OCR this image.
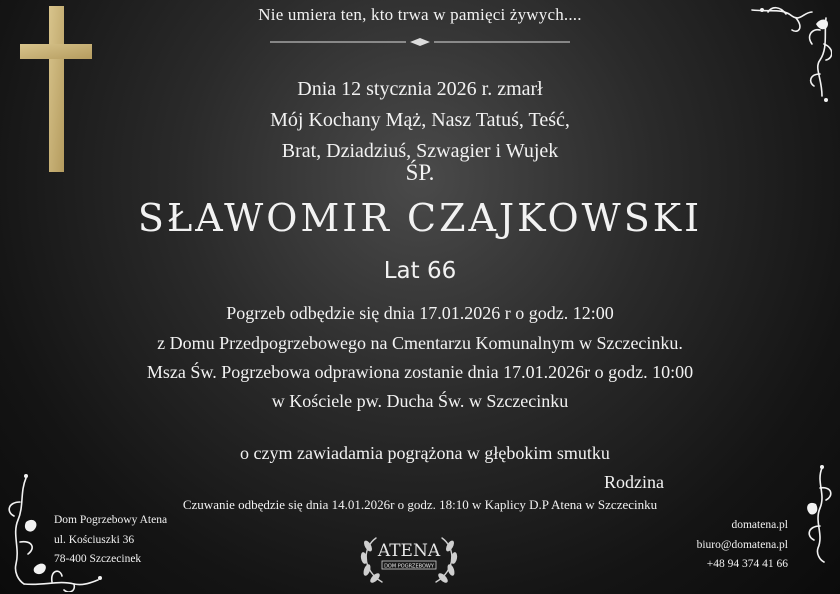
Nie umiera ten, kto trwa w pamięci żywych....
Dnia 12 stycznia 2026 r. zmarł
Mój Kochany Mąż, Nasz Tatuś, Teść,
Brat, Dziadziuś, Szwagier i Wujek
ŚP.
SŁAWOMIR CZAJKOWSKI
Lat 66
Pogrzeb odbędzie się dnia 17.01.2026 r o godz. 12:00
z Domu Przedpogrzebowego na Cmentarzu Komunalnym w Szczecinku.
Msza Św. Pogrzebowa odprawiona zostanie dnia 17.01.2026r o godz. 10:00
w Kościele pw. Ducha Św. w Szczecinku
o czym zawiadamia pogrążona w głębokim smutku
Rodzina
Czuwanie odbędzie się dnia 14.01.2026r o godz. 18:10 w Kaplicy D.P Atena w Szczecinku
Dom Pogrzebowy Atena
ul. Kościuszki 36
78-400 Szczecinek
domatena.pl
biuro@domatena.pl
+48 94 374 41 66
ATENA
DOM POGRZEBOWY
